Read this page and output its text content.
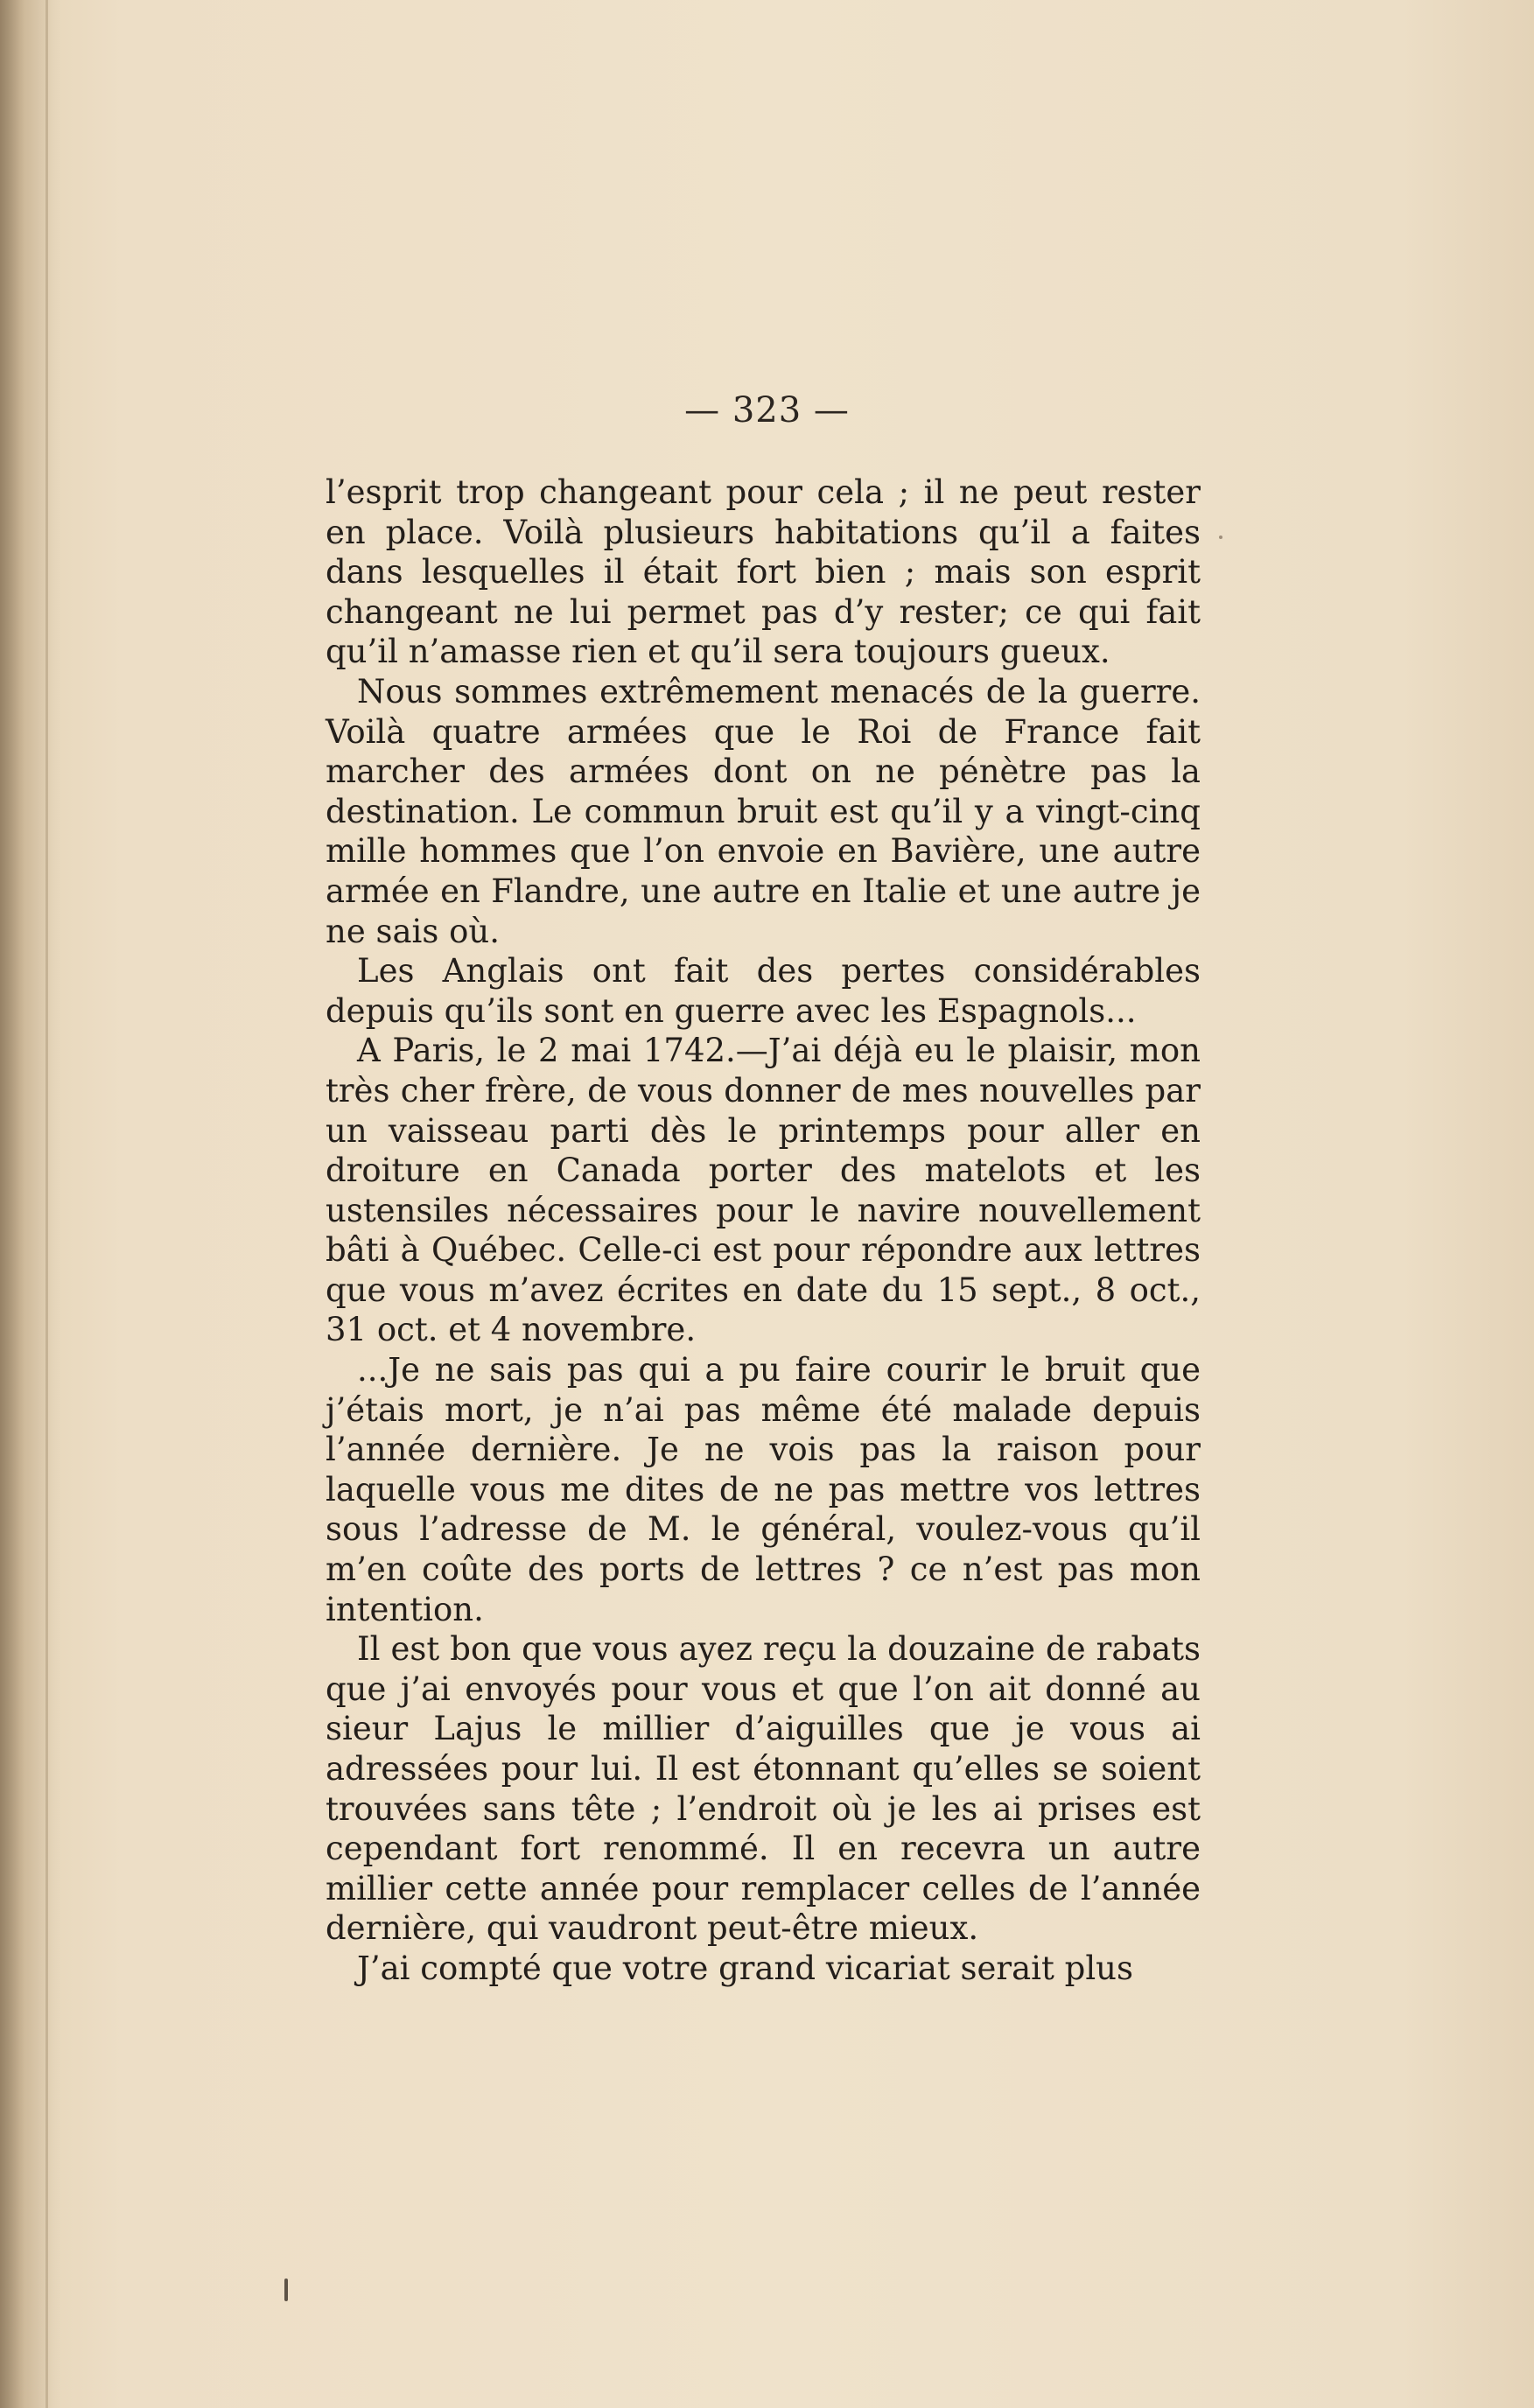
— 323 —

l’esprit trop changeant pour cela ; il ne peut rester en place. Voilà plusieurs habitations qu’il a faites dans lesquelles il était fort bien ; mais son esprit changeant ne lui permet pas d’y rester; ce qui fait qu’il n’amasse rien et qu’il sera toujours gueux.

Nous sommes extrêmement menacés de la guerre. Voilà quatre armées que le Roi de France fait marcher des armées dont on ne pénètre pas la destination. Le commun bruit est qu’il y a vingt-cinq mille hommes que l’on envoie en Bavière, une autre armée en Flandre, une autre en Italie et une autre je ne sais où.

Les Anglais ont fait des pertes considérables depuis qu’ils sont en guerre avec les Espagnols...

A Paris, le 2 mai 1742.—J’ai déjà eu le plaisir, mon très cher frère, de vous donner de mes nouvelles par un vaisseau parti dès le printemps pour aller en droiture en Canada porter des matelots et les ustensiles nécessaires pour le navire nouvellement bâti à Québec. Celle-ci est pour répondre aux lettres que vous m’avez écrites en date du 15 sept., 8 oct., 31 oct. et 4 novembre.

...Je ne sais pas qui a pu faire courir le bruit que j’étais mort, je n’ai pas même été malade depuis l’année dernière. Je ne vois pas la raison pour laquelle vous me dites de ne pas mettre vos lettres sous l’adresse de M. le général, voulez-vous qu’il m’en coûte des ports de lettres ? ce n’est pas mon intention.

Il est bon que vous ayez reçu la douzaine de rabats que j’ai envoyés pour vous et que l’on ait donné au sieur Lajus le millier d’aiguilles que je vous ai adressées pour lui. Il est étonnant qu’elles se soient trouvées sans tête ; l’endroit où je les ai prises est cependant fort renommé. Il en recevra un autre millier cette année pour remplacer celles de l’année dernière, qui vaudront peut-être mieux.

J’ai compté que votre grand vicariat serait plus
